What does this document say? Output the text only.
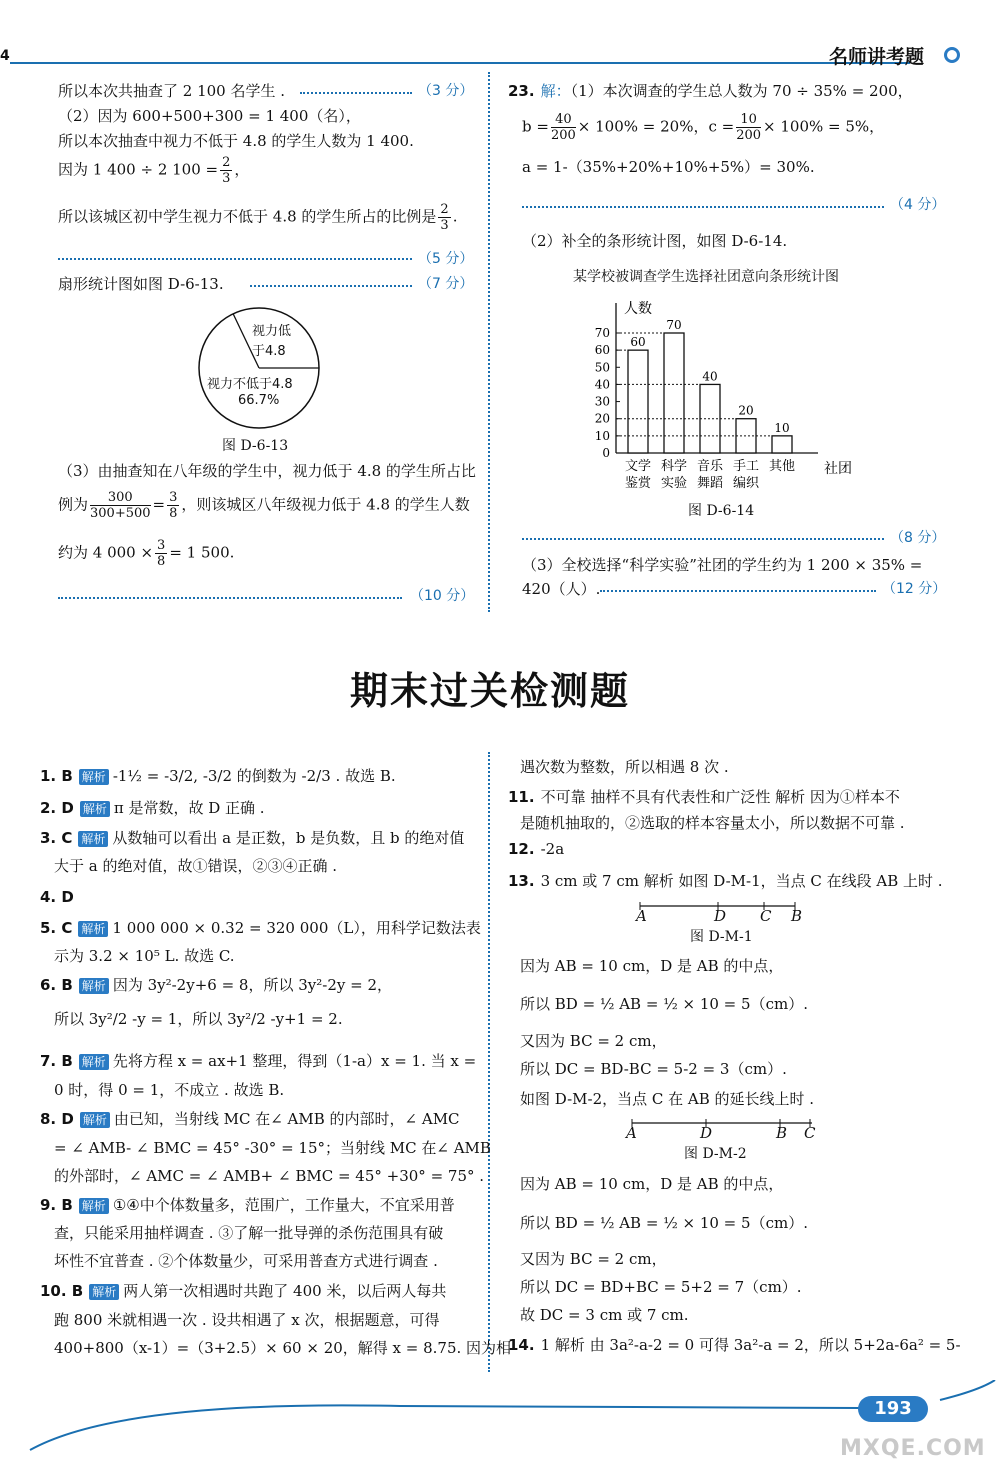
4	名师讲考题
所以本次共抽查了 2 100 名学生 .	（3 分）
（2）因为 600+500+300 = 1 400（名），
所以本次抽查中视力不低于 4.8 的学生人数为 1 400.
因为 1 400 ÷ 2 $100 = \frac{2}{3}$ ，
所以该城区初中学生视力不低于 4.8 的学生所占的比例是 $\frac{2}{3}$ .
（5 分）
扇形统计图如图 D-6-13.	（7 分）
视力低
于4.8
视力不低于4.8
66.7%
图 D-6-13
（3）由抽查知在八年级的学生中，视力低于 4.8 的学生所占比
例为 $\frac{300}{300+500} = \frac{3}{8}$ ，则该城区八年级视力低于 4.8 的学生人数
约为 4 $000 \times \frac{3}{8} = 1$ 500.
（10 分）
23. 解：（1）本次调查的学生总人数为 70 ÷ 35% = 200，
$b = \frac{40}{200} \times 100\% = 20\%$，$c = \frac{10}{200} \times 100\% = 5\%$，
a = 1-（35%+20%+10%+5%）= 30%.
（4 分）
（2）补全的条形统计图，如图 D-6-14.
某学校被调查学生选择社团意向条形统计图
人数
社团
0
10
20
30
40
50
60
70
60
文学
鉴赏
70
科学
实验
40
音乐
舞蹈
20
手工
编织
10
其他
图 D-6-14
（8 分）
（3）全校选择“科学实验”社团的学生约为 1 200 × 35% =
420（人）.	（12 分）
期末过关检测题
1. B 解析 -1½ = -3/2, -3/2 的倒数为 -2/3 . 故选 B.
2. D 解析 π 是常数，故 D 正确 .
3. C 解析 从数轴可以看出 a 是正数，b 是负数，且 b 的绝对值
大于 a 的绝对值，故①错误，②③④正确 .
4. D
5. C 解析 1 000 000 × 0.32 = 320 000（L），用科学记数法表
示为 3.2 × 10⁵ L. 故选 C.
6. B 解析 因为 3y²-2y+6 = 8，所以 3y²-2y = 2，
所以 3y²/2 -y = 1，所以 3y²/2 -y+1 = 2.
7. B 解析 先将方程 x = ax+1 整理，得到（1-a）x = 1. 当 x =
0 时，得 0 = 1，不成立 . 故选 B.
8. D 解析 由已知，当射线 MC 在∠ AMB 的内部时，∠ AMC
= ∠ AMB- ∠ BMC = 45° -30° = 15°；当射线 MC 在∠ AMB
的外部时，∠ AMC = ∠ AMB+ ∠ BMC = 45° +30° = 75° .
9. B 解析 ①④中个体数量多，范围广，工作量大，不宜采用普
查，只能采用抽样调查 . ③了解一批导弹的杀伤范围具有破
坏性不宜普查 . ②个体数量少，可采用普查方式进行调查 .
10. B 解析 两人第一次相遇时共跑了 400 米，以后两人每共
跑 800 米就相遇一次 . 设共相遇了 x 次，根据题意，可得
400+800（x-1）=（3+2.5）× 60 × 20，解得 x = 8.75. 因为相
遇次数为整数，所以相遇 8 次 .
11. 不可靠 抽样不具有代表性和广泛性 解析 因为①样本不
是随机抽取的，②选取的样本容量太小，所以数据不可靠 .
12. -2a
13. 3 cm 或 7 cm 解析 如图 D-M-1，当点 C 在线段 AB 上时 .
因为 AB = 10 cm，D 是 AB 的中点，
所以 BD = ½ AB = ½ × 10 = 5（cm）.
又因为 BC = 2 cm，
所以 DC = BD-BC = 5-2 = 3（cm）.
如图 D-M-2，当点 C 在 AB 的延长线上时 .
因为 AB = 10 cm，D 是 AB 的中点，
所以 BD = ½ AB = ½ × 10 = 5（cm）.
又因为 BC = 2 cm，
所以 DC = BD+BC = 5+2 = 7（cm）.
故 DC = 3 cm 或 7 cm.
14. 1 解析 由 3a²-a-2 = 0 可得 3a²-a = 2，所以 5+2a-6a² = 5-
A	D C B
图 D-M-1
A	D	B C
图 D-M-2
193
MXQE.COM
